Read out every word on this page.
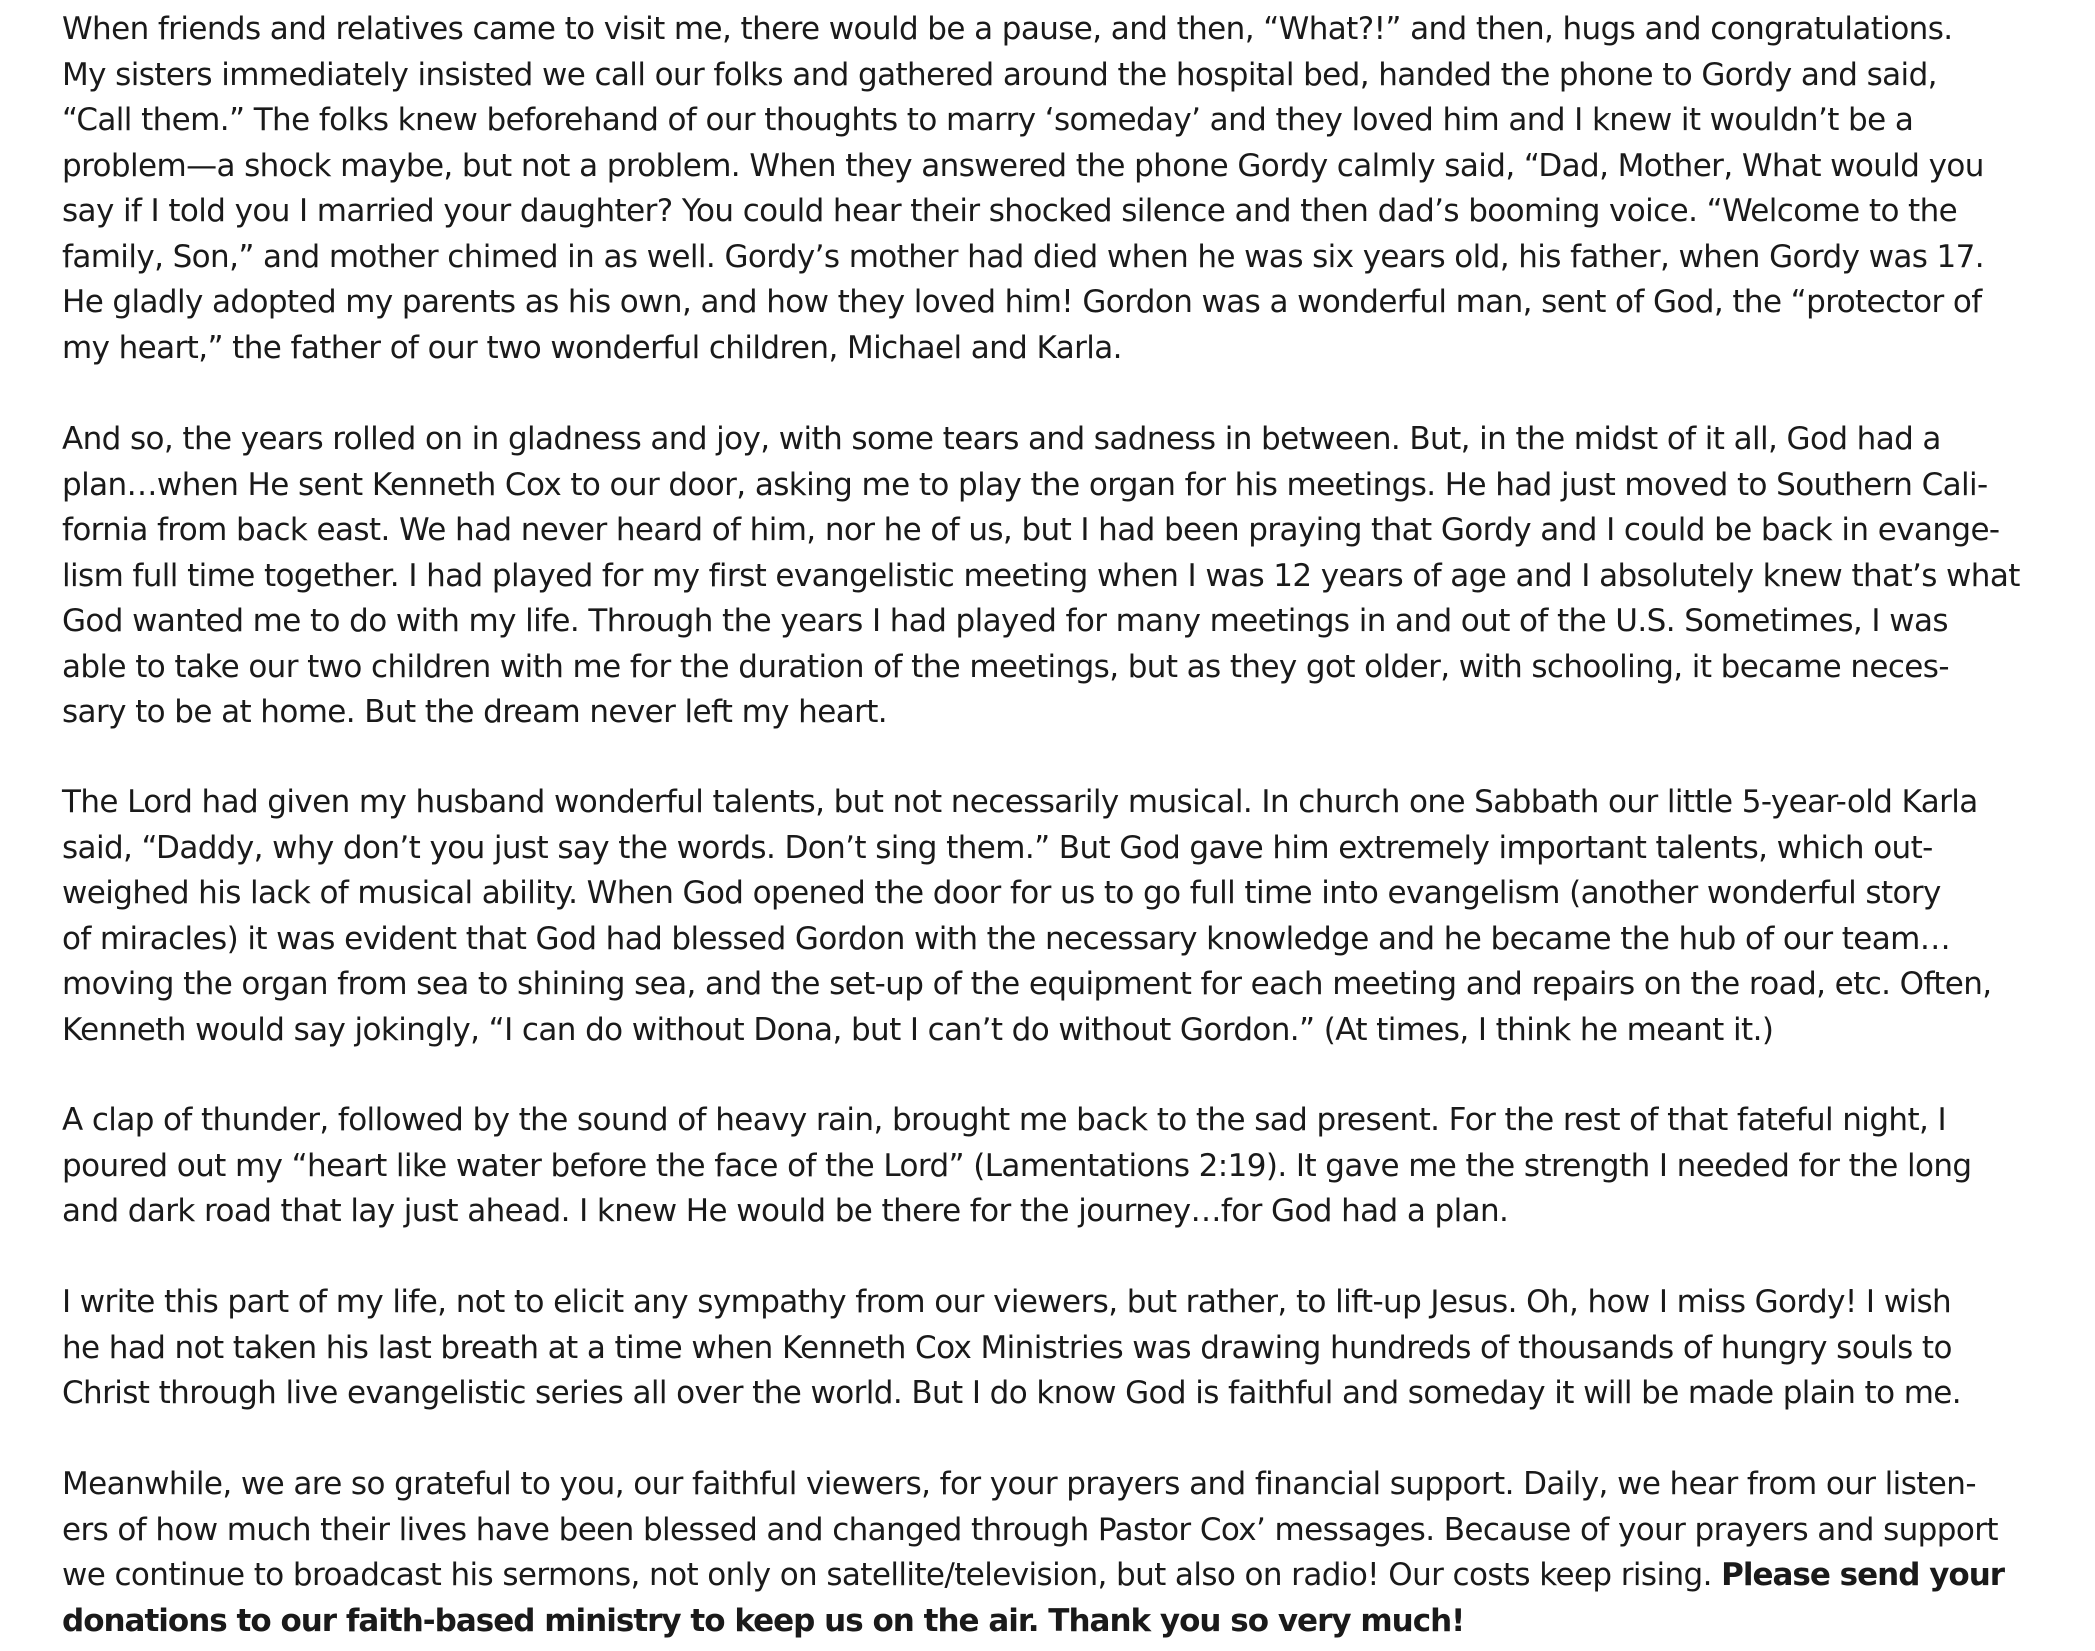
When friends and relatives came to visit me, there would be a pause, and then, “What?!” and then, hugs and congratulations.
My sisters immediately insisted we call our folks and gathered around the hospital bed, handed the phone to Gordy and said,
“Call them.” The folks knew beforehand of our thoughts to marry ‘someday’ and they loved him and I knew it wouldn’t be a
problem—a shock maybe, but not a problem. When they answered the phone Gordy calmly said, “Dad, Mother, What would you
say if I told you I married your daughter? You could hear their shocked silence and then dad’s booming voice. “Welcome to the
family, Son,” and mother chimed in as well. Gordy’s mother had died when he was six years old, his father, when Gordy was 17.
He gladly adopted my parents as his own, and how they loved him! Gordon was a wonderful man, sent of God, the “protector of
my heart,” the father of our two wonderful children, Michael and Karla.

And so, the years rolled on in gladness and joy, with some tears and sadness in between. But, in the midst of it all, God had a
plan…when He sent Kenneth Cox to our door, asking me to play the organ for his meetings. He had just moved to Southern Cali-
fornia from back east. We had never heard of him, nor he of us, but I had been praying that Gordy and I could be back in evange-
lism full time together. I had played for my first evangelistic meeting when I was 12 years of age and I absolutely knew that’s what
God wanted me to do with my life. Through the years I had played for many meetings in and out of the U.S. Sometimes, I was
able to take our two children with me for the duration of the meetings, but as they got older, with schooling, it became neces-
sary to be at home. But the dream never left my heart.

The Lord had given my husband wonderful talents, but not necessarily musical. In church one Sabbath our little 5-year-old Karla
said, “Daddy, why don’t you just say the words. Don’t sing them.” But God gave him extremely important talents, which out-
weighed his lack of musical ability. When God opened the door for us to go full time into evangelism (another wonderful story
of miracles) it was evident that God had blessed Gordon with the necessary knowledge and he became the hub of our team…
moving the organ from sea to shining sea, and the set-up of the equipment for each meeting and repairs on the road, etc. Often,
Kenneth would say jokingly, “I can do without Dona, but I can’t do without Gordon.” (At times, I think he meant it.)

A clap of thunder, followed by the sound of heavy rain, brought me back to the sad present. For the rest of that fateful night, I
poured out my “heart like water before the face of the Lord” (Lamentations 2:19). It gave me the strength I needed for the long
and dark road that lay just ahead. I knew He would be there for the journey…for God had a plan.

I write this part of my life, not to elicit any sympathy from our viewers, but rather, to lift-up Jesus. Oh, how I miss Gordy! I wish
he had not taken his last breath at a time when Kenneth Cox Ministries was drawing hundreds of thousands of hungry souls to
Christ through live evangelistic series all over the world. But I do know God is faithful and someday it will be made plain to me.

Meanwhile, we are so grateful to you, our faithful viewers, for your prayers and financial support. Daily, we hear from our listen-
ers of how much their lives have been blessed and changed through Pastor Cox’ messages. Because of your prayers and support
we continue to broadcast his sermons, not only on satellite/television, but also on radio! Our costs keep rising. Please send your
donations to our faith-based ministry to keep us on the air. Thank you so very much!
